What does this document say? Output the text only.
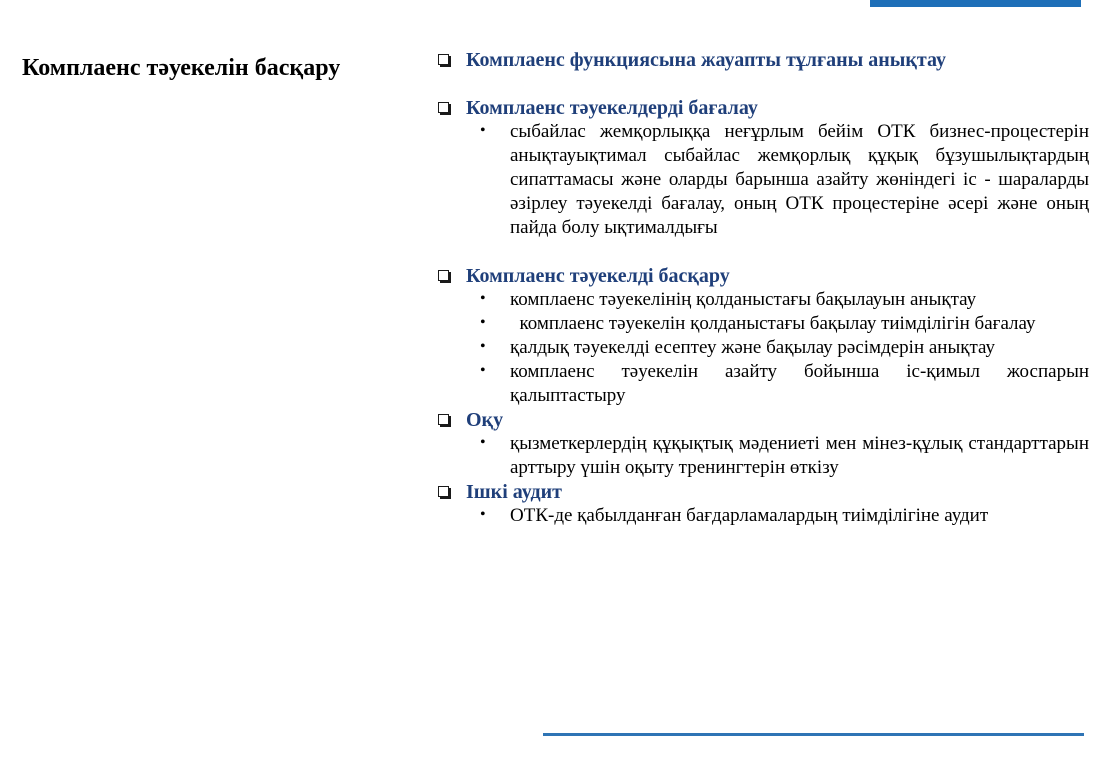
Комплаенс тәуекелін басқару	Комплаенс функциясына жауапты тұлғаны анықтау
Комплаенс тәуекелдерді бағалау
• сыбайлас жемқорлыққа неғұрлым бейім ОТК бизнес-процестерін анықтауықтимал сыбайлас жемқорлық құқық бұзушылықтардың сипаттамасы және оларды барынша азайту жөніндегі іс - шараларды әзірлеу тәуекелді бағалау, оның ОТК процестеріне әсері және оның пайда болу ықтималдығы
Комплаенс тәуекелді басқару
• комплаенс тәуекелінің қолданыстағы бақылауын анықтау
• комплаенс тәуекелін қолданыстағы бақылау тиімділігін бағалау
• қалдық тәуекелді есептеу және бақылау рәсімдерін анықтау
• комплаенс тәуекелін азайту бойынша іс-қимыл жоспарын қалыптастыру
Оқу
• қызметкерлердің құқықтық мәдениеті мен мінез-құлық стандарттарын арттыру үшін оқыту тренингтерін өткізу
Ішкі аудит
• ОТК-де қабылданған бағдарламалардың тиімділігіне аудит
